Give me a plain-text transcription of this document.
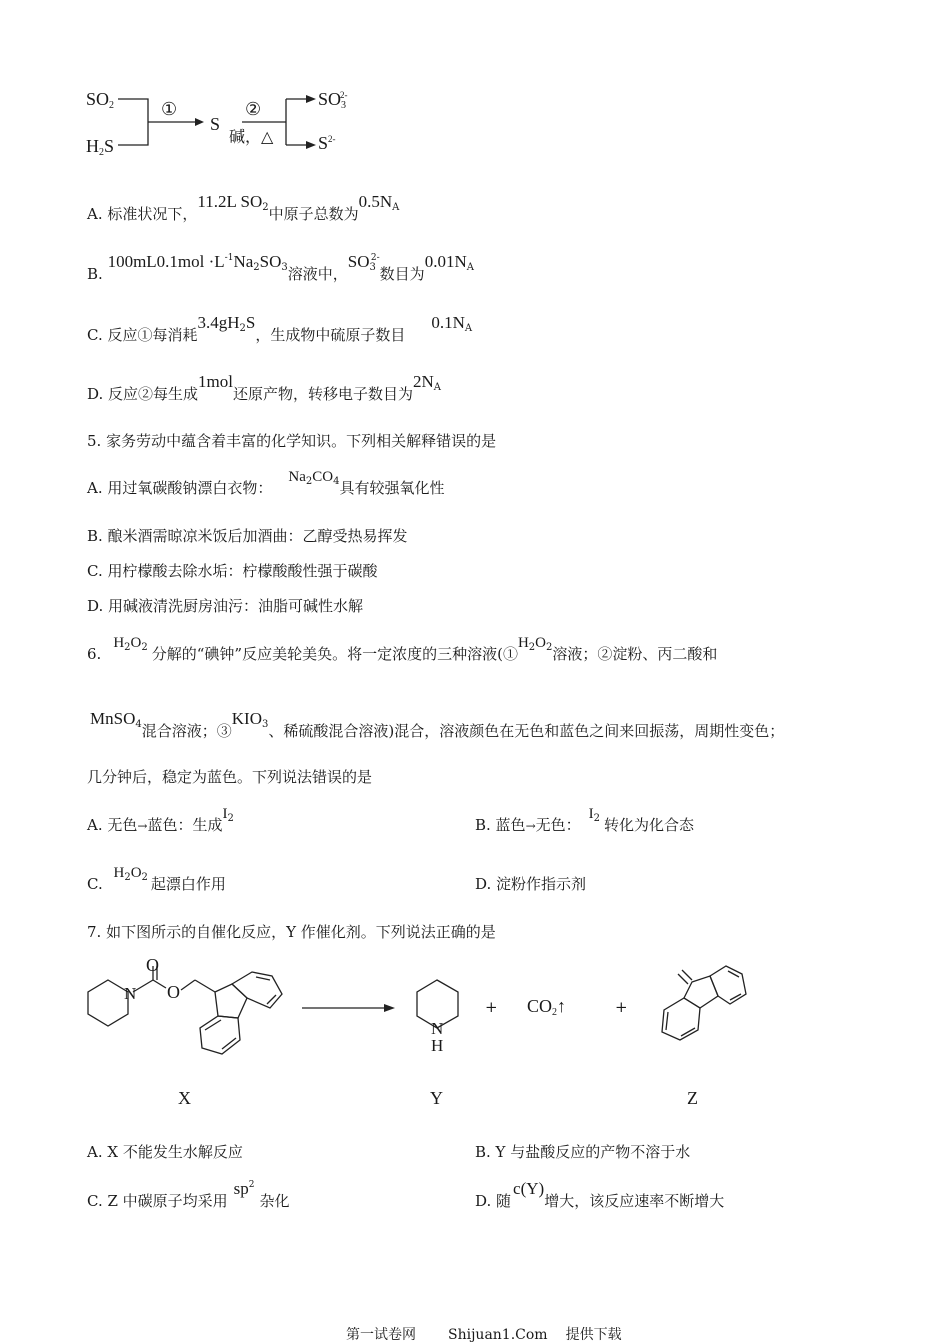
$SO_2$
$H_2S$
①
S
②
碱，△
$SO_3^{2-}$
$S^{2-}$
A. 标准状况下，11.2L $SO^2$中原子总数为$0.5N^A$
B. $100mL0.1mol \cdot L^{-1}Na^2SO^3$溶液中，$SO^{32-}$数目为$0.01N^A$
C. 反应①每消耗$3.4gH^2S$，生成物中硫原子数目$0.1N^A$
D. 反应②每生成1mol还原产物，转移电子数目为$2N^A$
5. 家务劳动中蕴含着丰富的化学知识。下列相关解释错误的是
A. 用过氧碳酸钠漂白衣物：$Na^2CO^4$具有较强氧化性
B. 酿米酒需晾凉米饭后加酒曲：乙醇受热易挥发
C. 用柠檬酸去除水垢：柠檬酸酸性强于碳酸
D. 用碱液清洗厨房油污：油脂可碱性水解
$6.H^2O^2$ 分解的“碘钟”反应美轮美奂。将一定浓度的三种溶液($①H^2O^2$溶液；②淀粉、丙二酸和
MnSO$^4$混合溶液；③KIO$^3$、稀硫酸混合溶液)混合，溶液颜色在无色和蓝色之间来回振荡，周期性变色；
几分钟后，稳定为蓝色。下列说法错误的是
A. 无色→蓝色：生成$I^2$	B. 蓝色→无色：$I^2$ 转化为化合态
C. $H^2O^2$ 起漂白作用	D. 淀粉作指示剂
7. 如下图所示的自催化反应，Y 作催化剂。下列说法正确的是
O
O
N
N
H
+ $CO_2↑$	+
X	Y	Z
A. X 不能发生水解反应	B. Y 与盐酸反应的产物不溶于水
C. Z 中碳原子均采用$sp^2$杂化	D. 随c(Y)增大，该反应速率不断增大
第一试卷网 Shijuan1.Com 提供下载
